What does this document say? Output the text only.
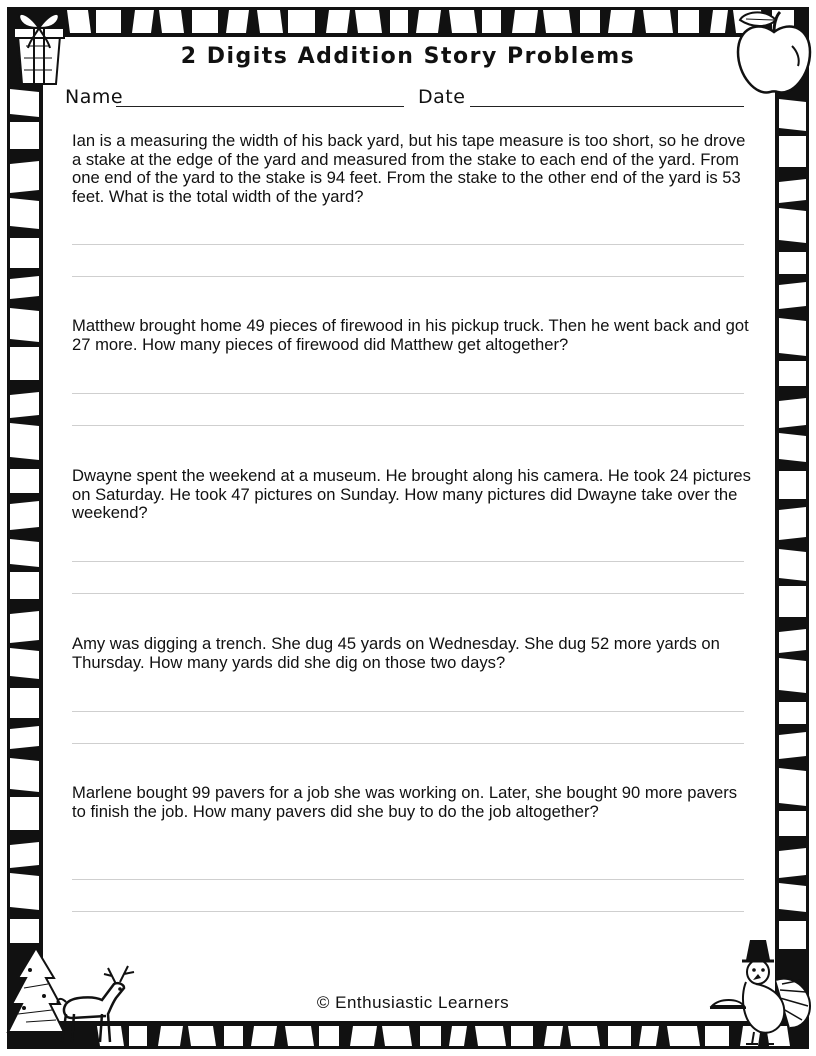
2 Digits Addition Story Problems
Name	Date
Ian is a measuring the width of his back yard, but his tape measure is too short, so he drove a stake at the edge of the yard and measured from the stake to each end of the yard. From one end of the yard to the stake is 94 feet. From the stake to the other end of the yard is 53 feet. What is the total width of the yard?
Matthew brought home 49 pieces of firewood in his pickup truck. Then he went back and got 27 more. How many pieces of firewood did Matthew get altogether?
Dwayne spent the weekend at a museum. He brought along his camera. He took 24 pictures on Saturday. He took 47 pictures on Sunday. How many pictures did Dwayne take over the weekend?
Amy was digging a trench. She dug 45 yards on Wednesday. She dug 52 more yards on Thursday. How many yards did she dig on those two days?
Marlene bought 99 pavers for a job she was working on. Later, she bought 90 more pavers to finish the job. How many pavers did she buy to do the job altogether?
© Enthusiastic Learners
